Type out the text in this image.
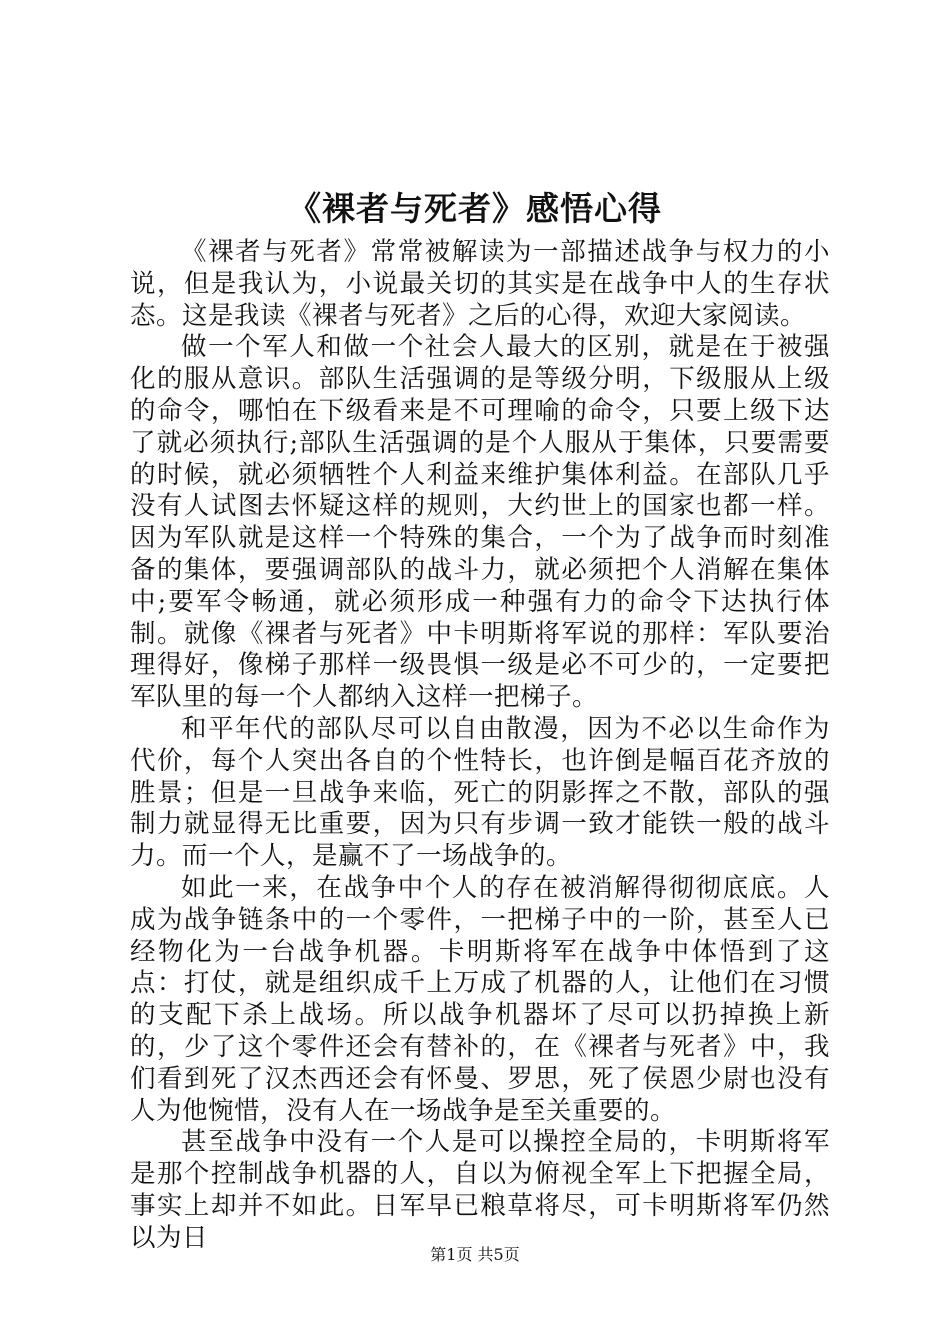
《裸者与死者》感悟心得

《裸者与死者》常常被解读为一部描述战争与权力的小说，但是我认为，小说最关切的其实是在战争中人的生存状态。这是我读《裸者与死者》之后的心得，欢迎大家阅读。

做一个军人和做一个社会人最大的区别，就是在于被强化的服从意识。部队生活强调的是等级分明，下级服从上级的命令，哪怕在下级看来是不可理喻的命令，只要上级下达了就必须执行;部队生活强调的是个人服从于集体，只要需要的时候，就必须牺牲个人利益来维护集体利益。在部队几乎没有人试图去怀疑这样的规则，大约世上的国家也都一样。因为军队就是这样一个特殊的集合，一个为了战争而时刻准备的集体，要强调部队的战斗力，就必须把个人消解在集体中;要军令畅通，就必须形成一种强有力的命令下达执行体制。就像《裸者与死者》中卡明斯将军说的那样：军队要治理得好，像梯子那样一级畏惧一级是必不可少的，一定要把军队里的每一个人都纳入这样一把梯子。

和平年代的部队尽可以自由散漫，因为不必以生命作为代价，每个人突出各自的个性特长，也许倒是幅百花齐放的胜景；但是一旦战争来临，死亡的阴影挥之不散，部队的强制力就显得无比重要，因为只有步调一致才能铁一般的战斗力。而一个人，是赢不了一场战争的。

如此一来，在战争中个人的存在被消解得彻彻底底。人成为战争链条中的一个零件，一把梯子中的一阶，甚至人已经物化为一台战争机器。卡明斯将军在战争中体悟到了这点：打仗，就是组织成千上万成了机器的人，让他们在习惯的支配下杀上战场。所以战争机器坏了尽可以扔掉换上新的，少了这个零件还会有替补的，在《裸者与死者》中，我们看到死了汉杰西还会有怀曼、罗思，死了侯恩少尉也没有人为他惋惜，没有人在一场战争是至关重要的。

甚至战争中没有一个人是可以操控全局的，卡明斯将军是那个控制战争机器的人，自以为俯视全军上下把握全局，事实上却并不如此。日军早已粮草将尽，可卡明斯将军仍然以为日

第1页 共5页
